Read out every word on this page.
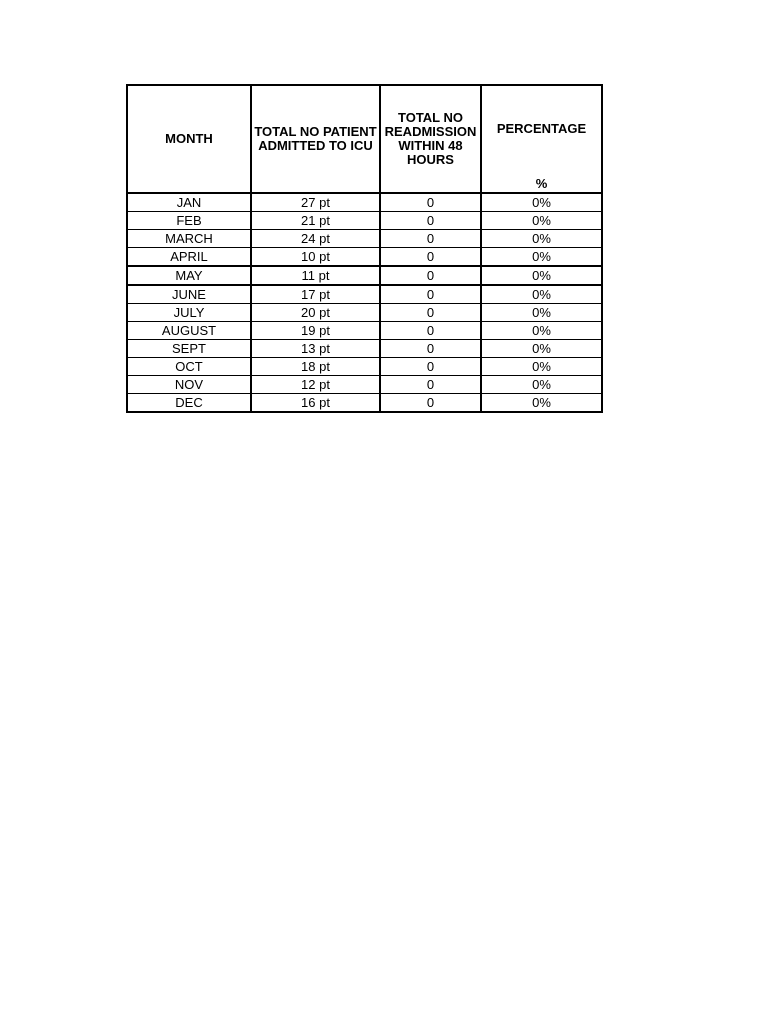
MONTH	TOTAL NO PATIENT ADMITTED TO ICU	TOTAL NO READMISSION WITHIN 48 HOURS	PERCENTAGE
%

JAN	27 pt	0	0%
FEB	21 pt	0	0%
MARCH	24 pt	0	0%
APRIL	10 pt	0	0%
MAY	11 pt	0	0%
JUNE	17 pt	0	0%
JULY	20 pt	0	0%
AUGUST	19 pt	0	0%
SEPT	13 pt	0	0%
OCT	18 pt	0	0%
NOV	12 pt	0	0%
DEC	16 pt	0	0%
